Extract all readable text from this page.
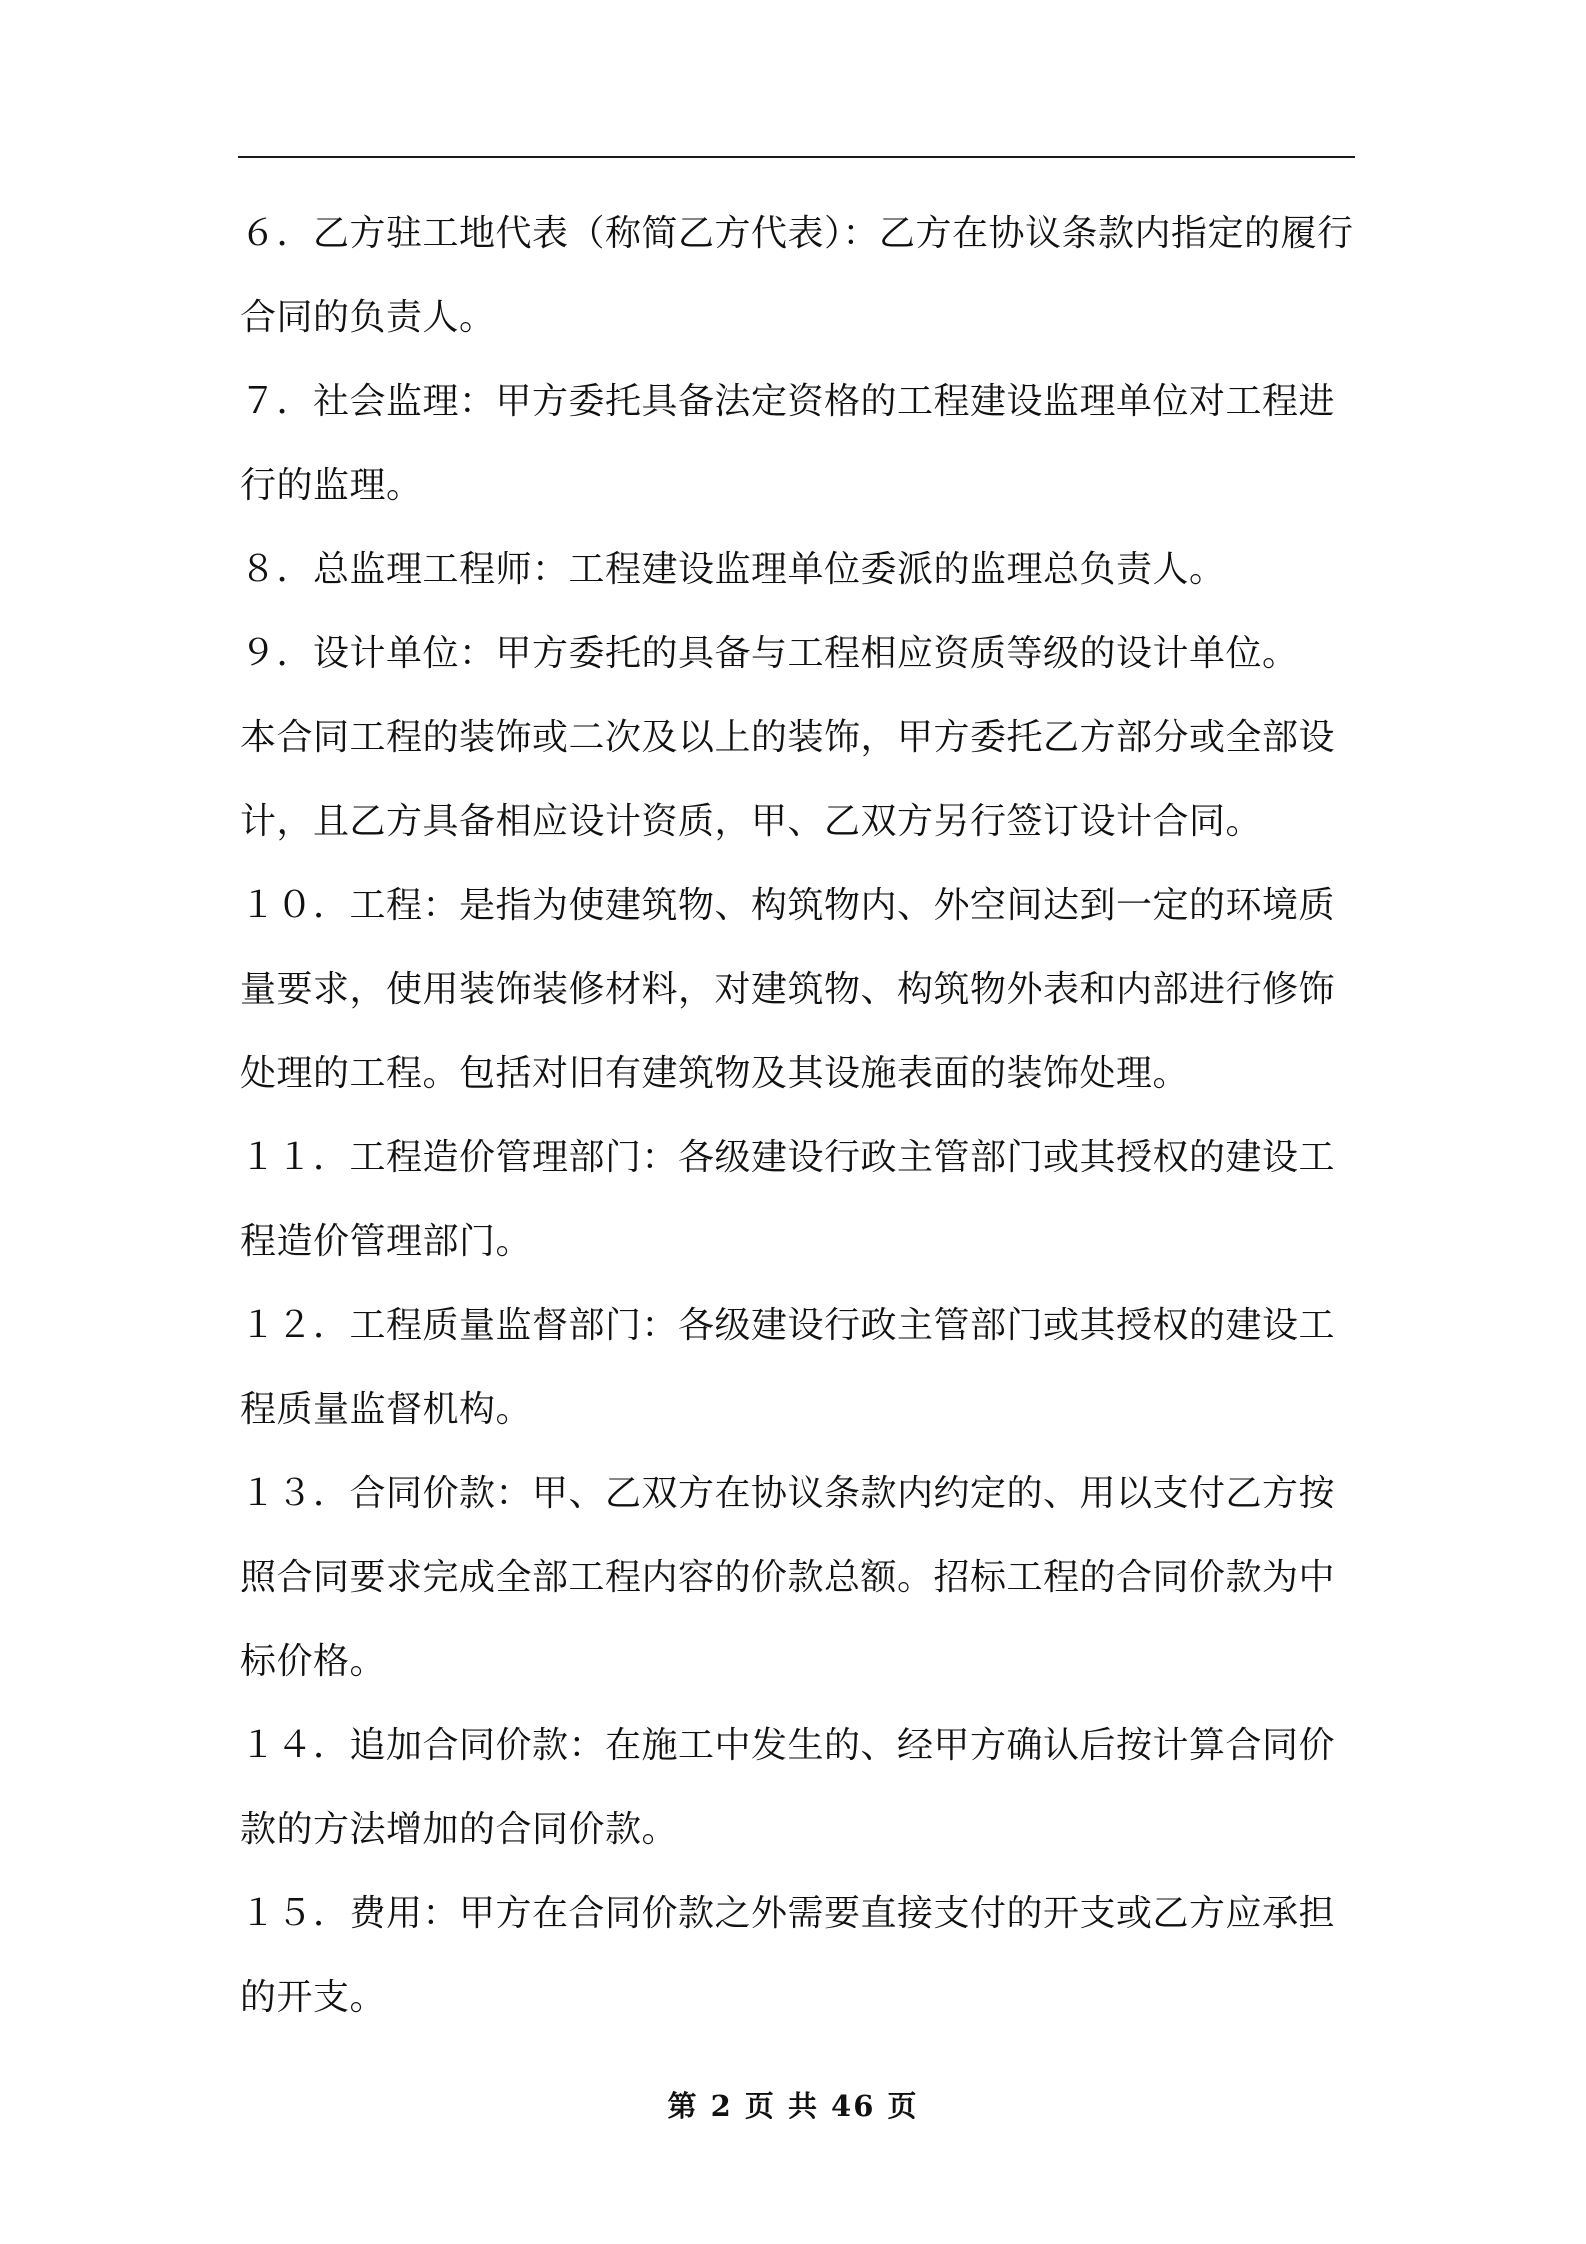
６．乙方驻工地代表（称简乙方代表）：乙方在协议条款内指定的履行合同的负责人。

７．社会监理：甲方委托具备法定资格的工程建设监理单位对工程进行的监理。

８．总监理工程师：工程建设监理单位委派的监理总负责人。

９．设计单位：甲方委托的具备与工程相应资质等级的设计单位。

本合同工程的装饰或二次及以上的装饰，甲方委托乙方部分或全部设计，且乙方具备相应设计资质，甲、乙双方另行签订设计合同。

１０．工程：是指为使建筑物、构筑物内、外空间达到一定的环境质量要求，使用装饰装修材料，对建筑物、构筑物外表和内部进行修饰处理的工程。包括对旧有建筑物及其设施表面的装饰处理。

１１．工程造价管理部门：各级建设行政主管部门或其授权的建设工程造价管理部门。

１２．工程质量监督部门：各级建设行政主管部门或其授权的建设工程质量监督机构。

１３．合同价款：甲、乙双方在协议条款内约定的、用以支付乙方按照合同要求完成全部工程内容的价款总额。招标工程的合同价款为中标价格。

１４．追加合同价款：在施工中发生的、经甲方确认后按计算合同价款的方法增加的合同价款。

１５．费用：甲方在合同价款之外需要直接支付的开支或乙方应承担的开支。

第 2 页 共 46 页
